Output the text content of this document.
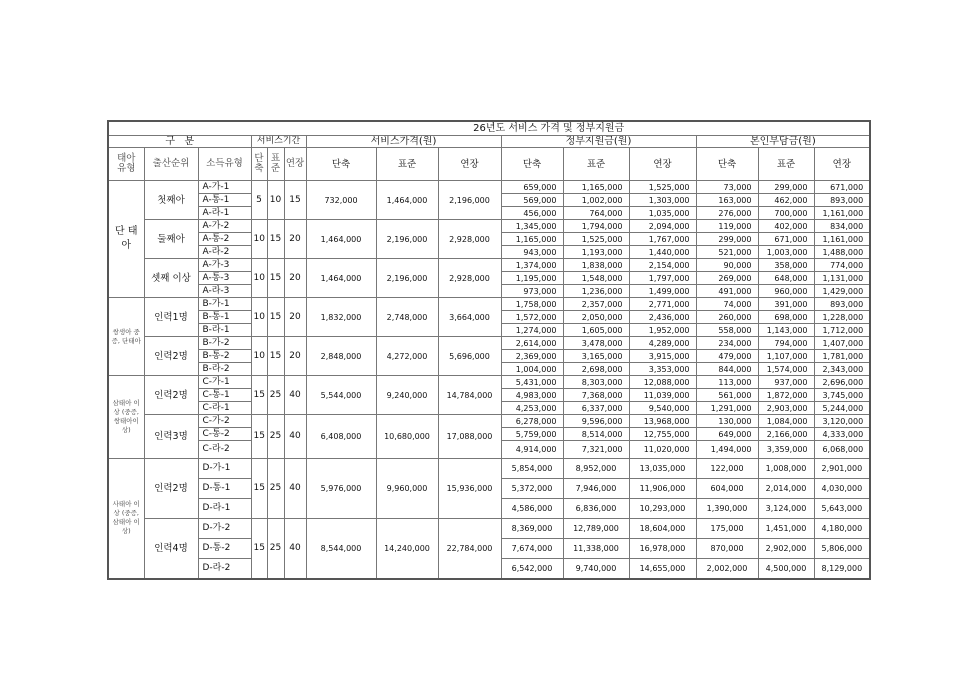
26년도 서비스 가격 및 정부지원금														
구   분			서비스기간			서비스가격(원)			정부지원금(원)			본인부담금(원)		
태아 유형	출산순위	소득유형	단축	표준	연장	단축	표준	연장	단축	표준	연장	단축	표준	연장
단 태아	첫째아	A-가-1	5	10	15	732,000	1,464,000	2,196,000	659,000	1,165,000	1,525,000	73,000	299,000	671,000
		A-통-1							569,000	1,002,000	1,303,000	163,000	462,000	893,000
		A-라-1							456,000	764,000	1,035,000	276,000	700,000	1,161,000
	둘째아	A-가-2	10	15	20	1,464,000	2,196,000	2,928,000	1,345,000	1,794,000	2,094,000	119,000	402,000	834,000
		A-통-2							1,165,000	1,525,000	1,767,000	299,000	671,000	1,161,000
		A-라-2							943,000	1,193,000	1,440,000	521,000	1,003,000	1,488,000
	셋째 이상	A-가-3	10	15	20	1,464,000	2,196,000	2,928,000	1,374,000	1,838,000	2,154,000	90,000	358,000	774,000
		A-통-3							1,195,000	1,548,000	1,797,000	269,000	648,000	1,131,000
		A-라-3							973,000	1,236,000	1,499,000	491,000	960,000	1,429,000
쌍생아 중증, 단태아	인력1명	B-가-1	10	15	20	1,832,000	2,748,000	3,664,000	1,758,000	2,357,000	2,771,000	74,000	391,000	893,000
		B-통-1							1,572,000	2,050,000	2,436,000	260,000	698,000	1,228,000
		B-라-1							1,274,000	1,605,000	1,952,000	558,000	1,143,000	1,712,000
	인력2명	B-가-2	10	15	20	2,848,000	4,272,000	5,696,000	2,614,000	3,478,000	4,289,000	234,000	794,000	1,407,000
		B-통-2							2,369,000	3,165,000	3,915,000	479,000	1,107,000	1,781,000
		B-라-2							1,004,000	2,698,000	3,353,000	844,000	1,574,000	2,343,000
삼태아 이 상 (중증,쌍태아이상)	인력2명	C-가-1	15	25	40	5,544,000	9,240,000	14,784,000	5,431,000	8,303,000	12,088,000	113,000	937,000	2,696,000
		C-통-1							4,983,000	7,368,000	11,039,000	561,000	1,872,000	3,745,000
		C-라-1							4,253,000	6,337,000	9,540,000	1,291,000	2,903,000	5,244,000
	인력3명	C-가-2	15	25	40	6,408,000	10,680,000	17,088,000	6,278,000	9,596,000	13,968,000	130,000	1,084,000	3,120,000
		C-통-2							5,759,000	8,514,000	12,755,000	649,000	2,166,000	4,333,000
		C-라-2							4,914,000	7,321,000	11,020,000	1,494,000	3,359,000	6,068,000
사태아 이 상 (중증, 삼태아 이상)	인력2명	D-가-1	15	25	40	5,976,000	9,960,000	15,936,000	5,854,000	8,952,000	13,035,000	122,000	1,008,000	2,901,000
		D-통-1							5,372,000	7,946,000	11,906,000	604,000	2,014,000	4,030,000
		D-라-1							4,586,000	6,836,000	10,293,000	1,390,000	3,124,000	5,643,000
	인력4명	D-가-2	15	25	40	8,544,000	14,240,000	22,784,000	8,369,000	12,789,000	18,604,000	175,000	1,451,000	4,180,000
		D-통-2							7,674,000	11,338,000	16,978,000	870,000	2,902,000	5,806,000
		D-라-2							6,542,000	9,740,000	14,655,000	2,002,000	4,500,000	8,129,000
